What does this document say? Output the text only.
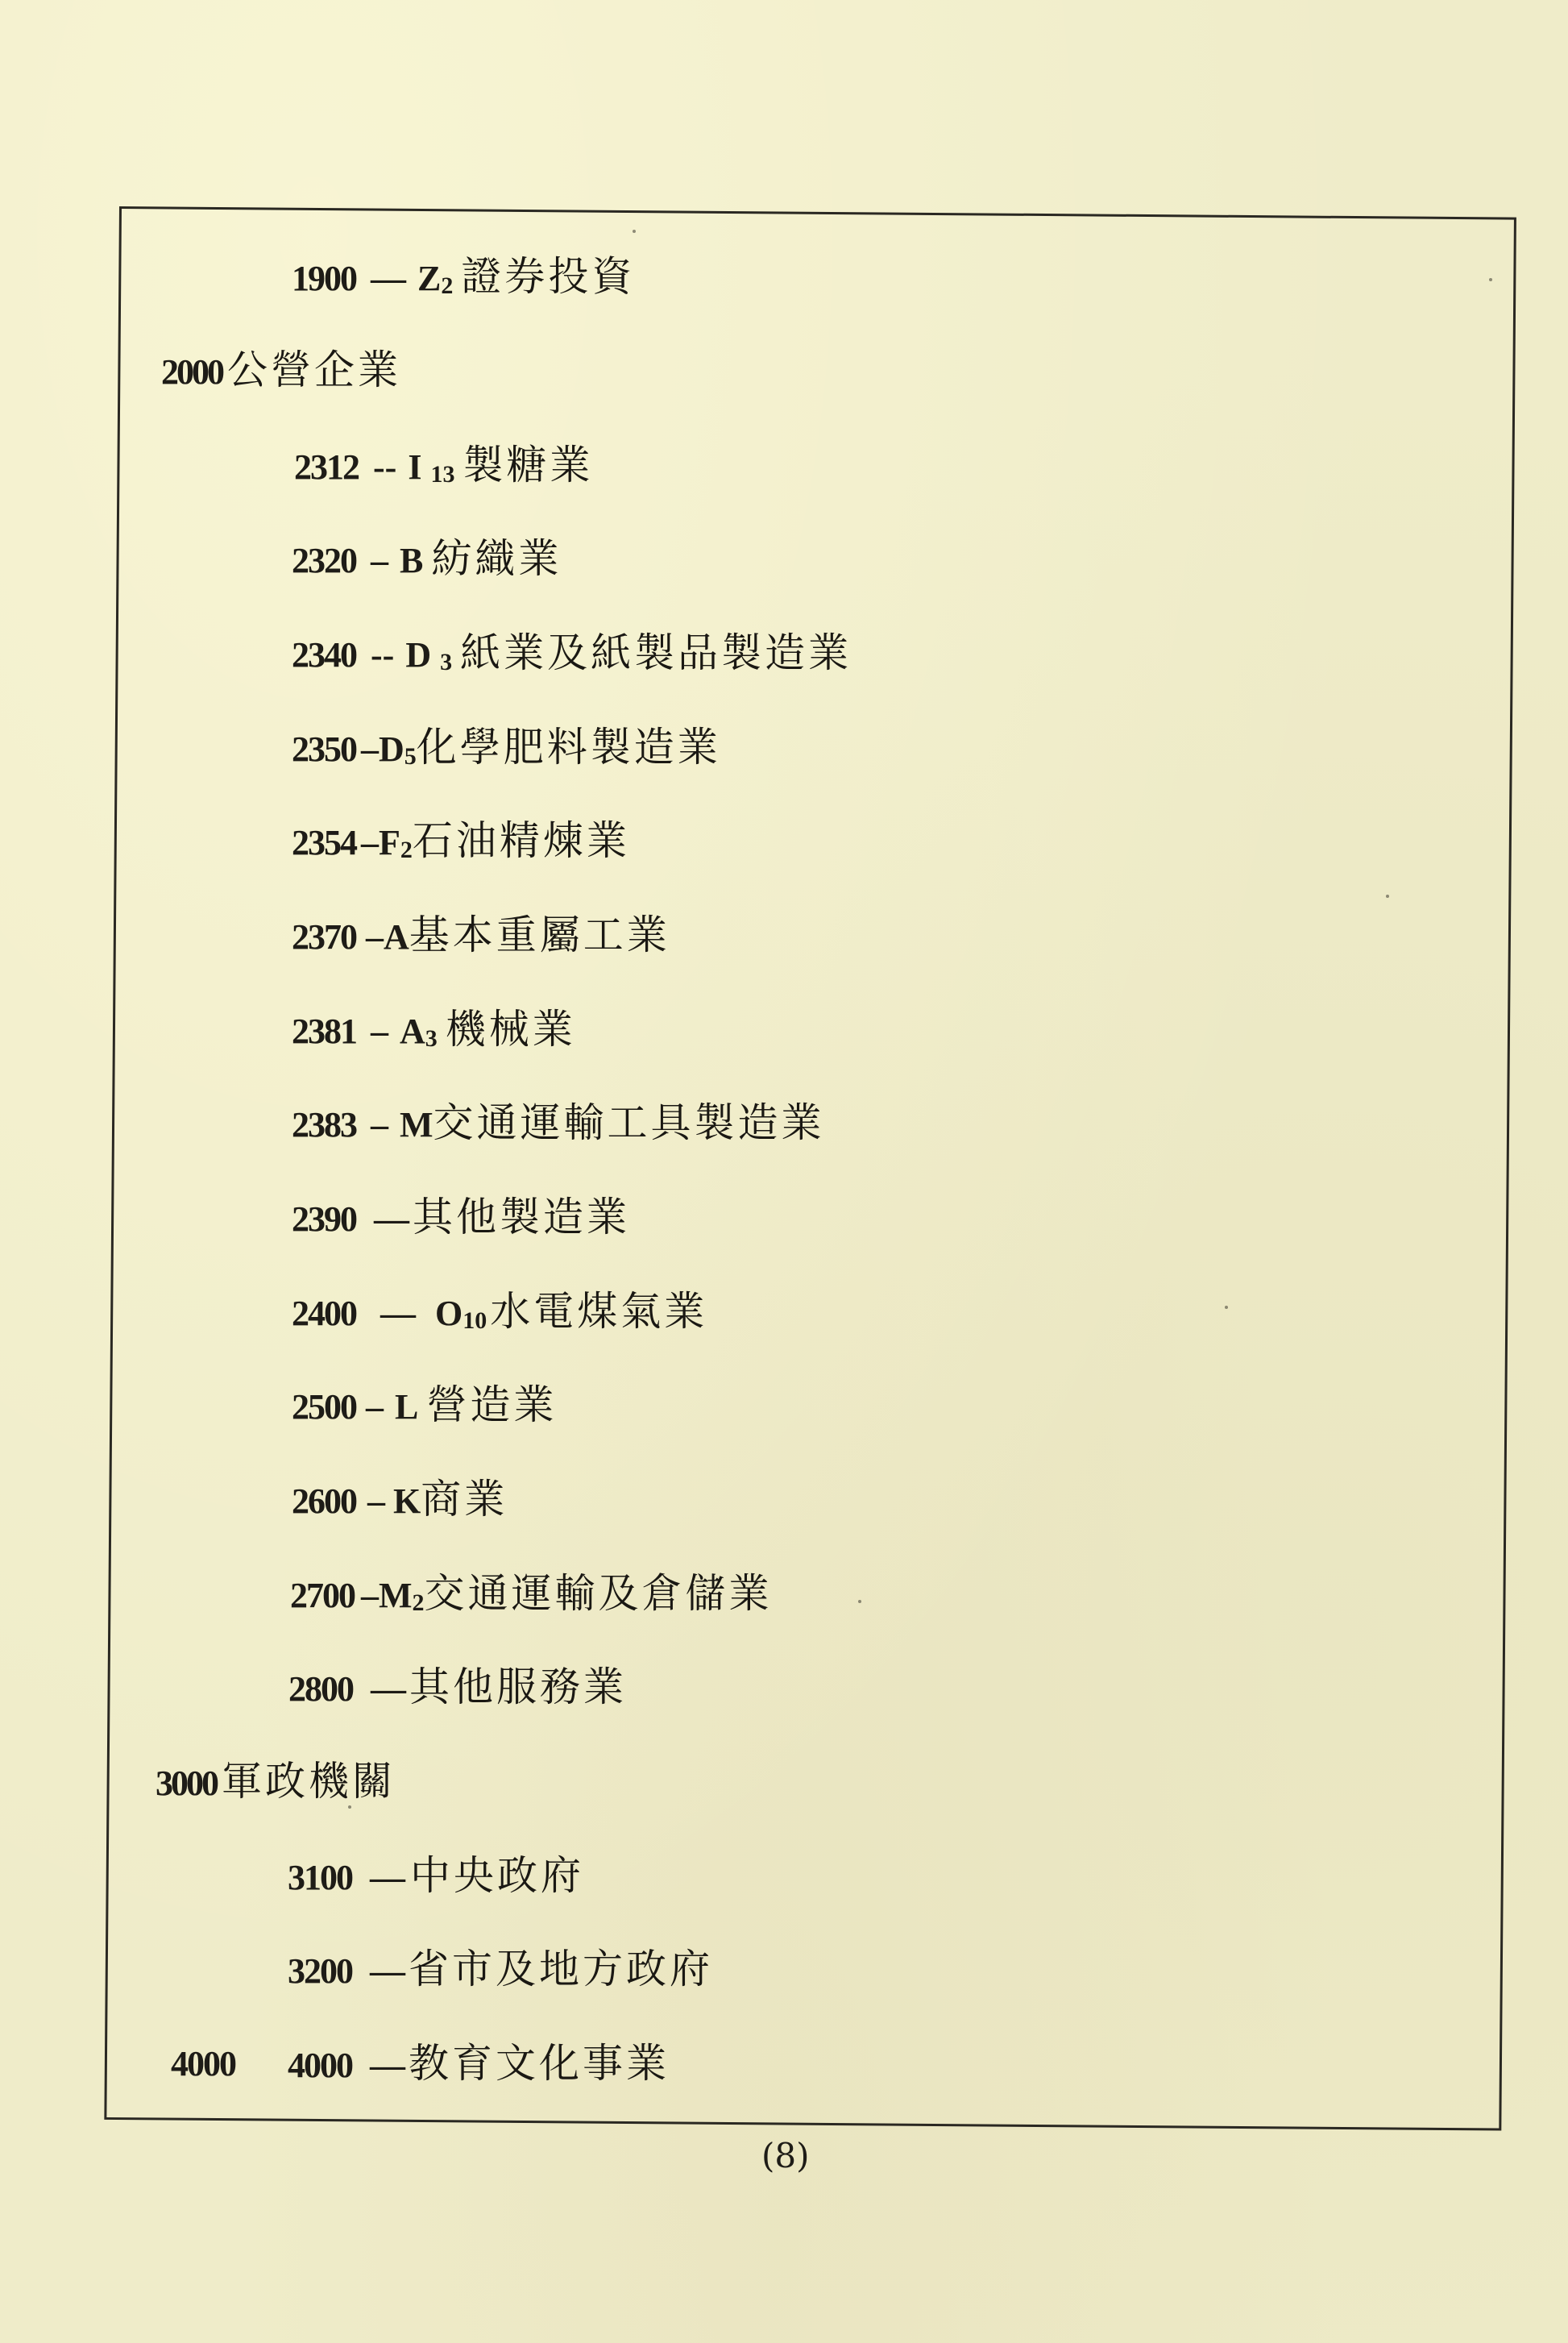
1900 — Z2 證券投資
2000 公營企業
2312 -- I 13 製糖業
2320 – B 紡織業
2340 -- D 3 紙業及紙製品製造業
2350 – D5 化學肥料製造業
2354 – F2 石油精煉業
2370 – A 基本重屬工業
2381 – A3 機械業
2383 – M 交通運輸工具製造業
2390 — 其他製造業
2400 — O10 水電煤氣業
2500 – L 營造業
2600 – K 商業
2700 – M2 交通運輸及倉儲業
2800 — 其他服務業
3000 軍政機關
3100 — 中央政府
3200 — 省市及地方政府
4000 4000 — 教育文化事業
(8)
